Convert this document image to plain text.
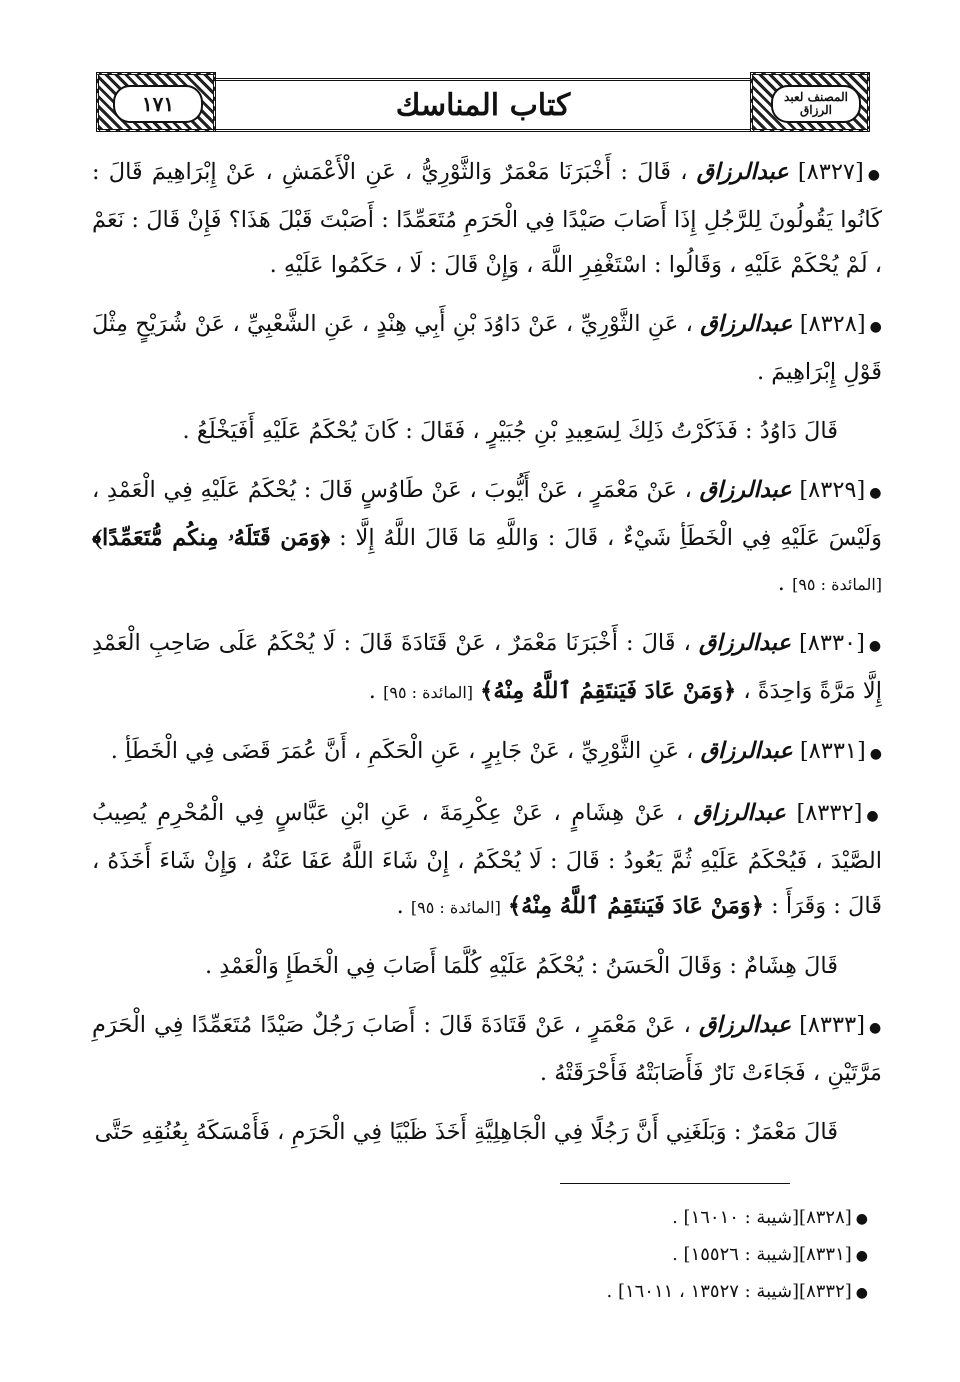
١٧١	كتاب المناسك	المصنف لعبد الرزاق

●[٨٣٢٧] عبدالرزاق ، قَالَ : أَخْبَرَنَا مَعْمَرٌ وَالثَّوْرِيُّ ، عَنِ الْأَعْمَشِ ، عَنْ إِبْرَاهِيمَ قَالَ : كَانُوا يَقُولُونَ لِلرَّجُلِ إِذَا أَصَابَ صَيْدًا فِي الْحَرَمِ مُتَعَمِّدًا : أَصَبْتَ قَبْلَ هَذَا؟ فَإِنْ قَالَ : نَعَمْ ، لَمْ يُحْكَمْ عَلَيْهِ ، وَقَالُوا : اسْتَغْفِرِ اللَّهَ ، وَإِنْ قَالَ : لَا ، حَكَمُوا عَلَيْهِ .

●[٨٣٢٨] عبدالرزاق ، عَنِ الثَّوْرِيِّ ، عَنْ دَاوُدَ بْنِ أَبِي هِنْدٍ ، عَنِ الشَّعْبِيِّ ، عَنْ شُرَيْحٍ مِثْلَ قَوْلِ إِبْرَاهِيمَ .

قَالَ دَاوُدُ : فَذَكَرْتُ ذَلِكَ لِسَعِيدِ بْنِ جُبَيْرٍ ، فَقَالَ : كَانَ يُحْكَمُ عَلَيْهِ أَفَيَخْلَعُ .

●[٨٣٢٩] عبدالرزاق ، عَنْ مَعْمَرٍ ، عَنْ أَيُّوبَ ، عَنْ طَاوُسٍ قَالَ : يُحْكَمُ عَلَيْهِ فِي الْعَمْدِ ، وَلَيْسَ عَلَيْهِ فِي الْخَطَأِ شَيْءٌ ، قَالَ : وَاللَّهِ مَا قَالَ اللَّهُ إِلَّا : ﴿وَمَن قَتَلَهُۥ مِنكُم مُّتَعَمِّدًا﴾ [المائدة : ٩٥] .

●[٨٣٣٠] عبدالرزاق ، قَالَ : أَخْبَرَنَا مَعْمَرٌ ، عَنْ قَتَادَةَ قَالَ : لَا يُحْكَمُ عَلَى صَاحِبِ الْعَمْدِ إِلَّا مَرَّةً وَاحِدَةً ، ﴿وَمَنْ عَادَ فَيَنتَقِمُ ٱللَّهُ مِنْهُ﴾ [المائدة : ٩٥] .

●[٨٣٣١] عبدالرزاق ، عَنِ الثَّوْرِيِّ ، عَنْ جَابِرٍ ، عَنِ الْحَكَمِ ، أَنَّ عُمَرَ قَضَى فِي الْخَطَأِ .

●[٨٣٣٢] عبدالرزاق ، عَنْ هِشَامٍ ، عَنْ عِكْرِمَةَ ، عَنِ ابْنِ عَبَّاسٍ فِي الْمُحْرِمِ يُصِيبُ الصَّيْدَ ، فَيُحْكَمُ عَلَيْهِ ثُمَّ يَعُودُ : قَالَ : لَا يُحْكَمُ ، إِنْ شَاءَ اللَّهُ عَفَا عَنْهُ ، وَإِنْ شَاءَ أَخَذَهُ ، قَالَ : وَقَرَأَ : ﴿وَمَنْ عَادَ فَيَنتَقِمُ ٱللَّهُ مِنْهُ﴾ [المائدة : ٩٥] .

قَالَ هِشَامٌ : وَقَالَ الْحَسَنُ : يُحْكَمُ عَلَيْهِ كُلَّمَا أَصَابَ فِي الْخَطَإِ وَالْعَمْدِ .

●[٨٣٣٣] عبدالرزاق ، عَنْ مَعْمَرٍ ، عَنْ قَتَادَةَ قَالَ : أَصَابَ رَجُلٌ صَيْدًا مُتَعَمِّدًا فِي الْحَرَمِ مَرَّتَيْنِ ، فَجَاءَتْ نَارٌ فَأَصَابَتْهُ فَأَحْرَقَتْهُ .

قَالَ مَعْمَرٌ : وَبَلَغَنِي أَنَّ رَجُلًا فِي الْجَاهِلِيَّةِ أَخَذَ ظَبْيًا فِي الْحَرَمِ ، فَأَمْسَكَهُ بِعُنُقِهِ حَتَّى

●[٨٣٢٨][شيبة : ١٦٠١٠] .
●[٨٣٣١][شيبة : ١٥٥٢٦] .
●[٨٣٣٢][شيبة : ١٣٥٢٧ ، ١٦٠١١] .
